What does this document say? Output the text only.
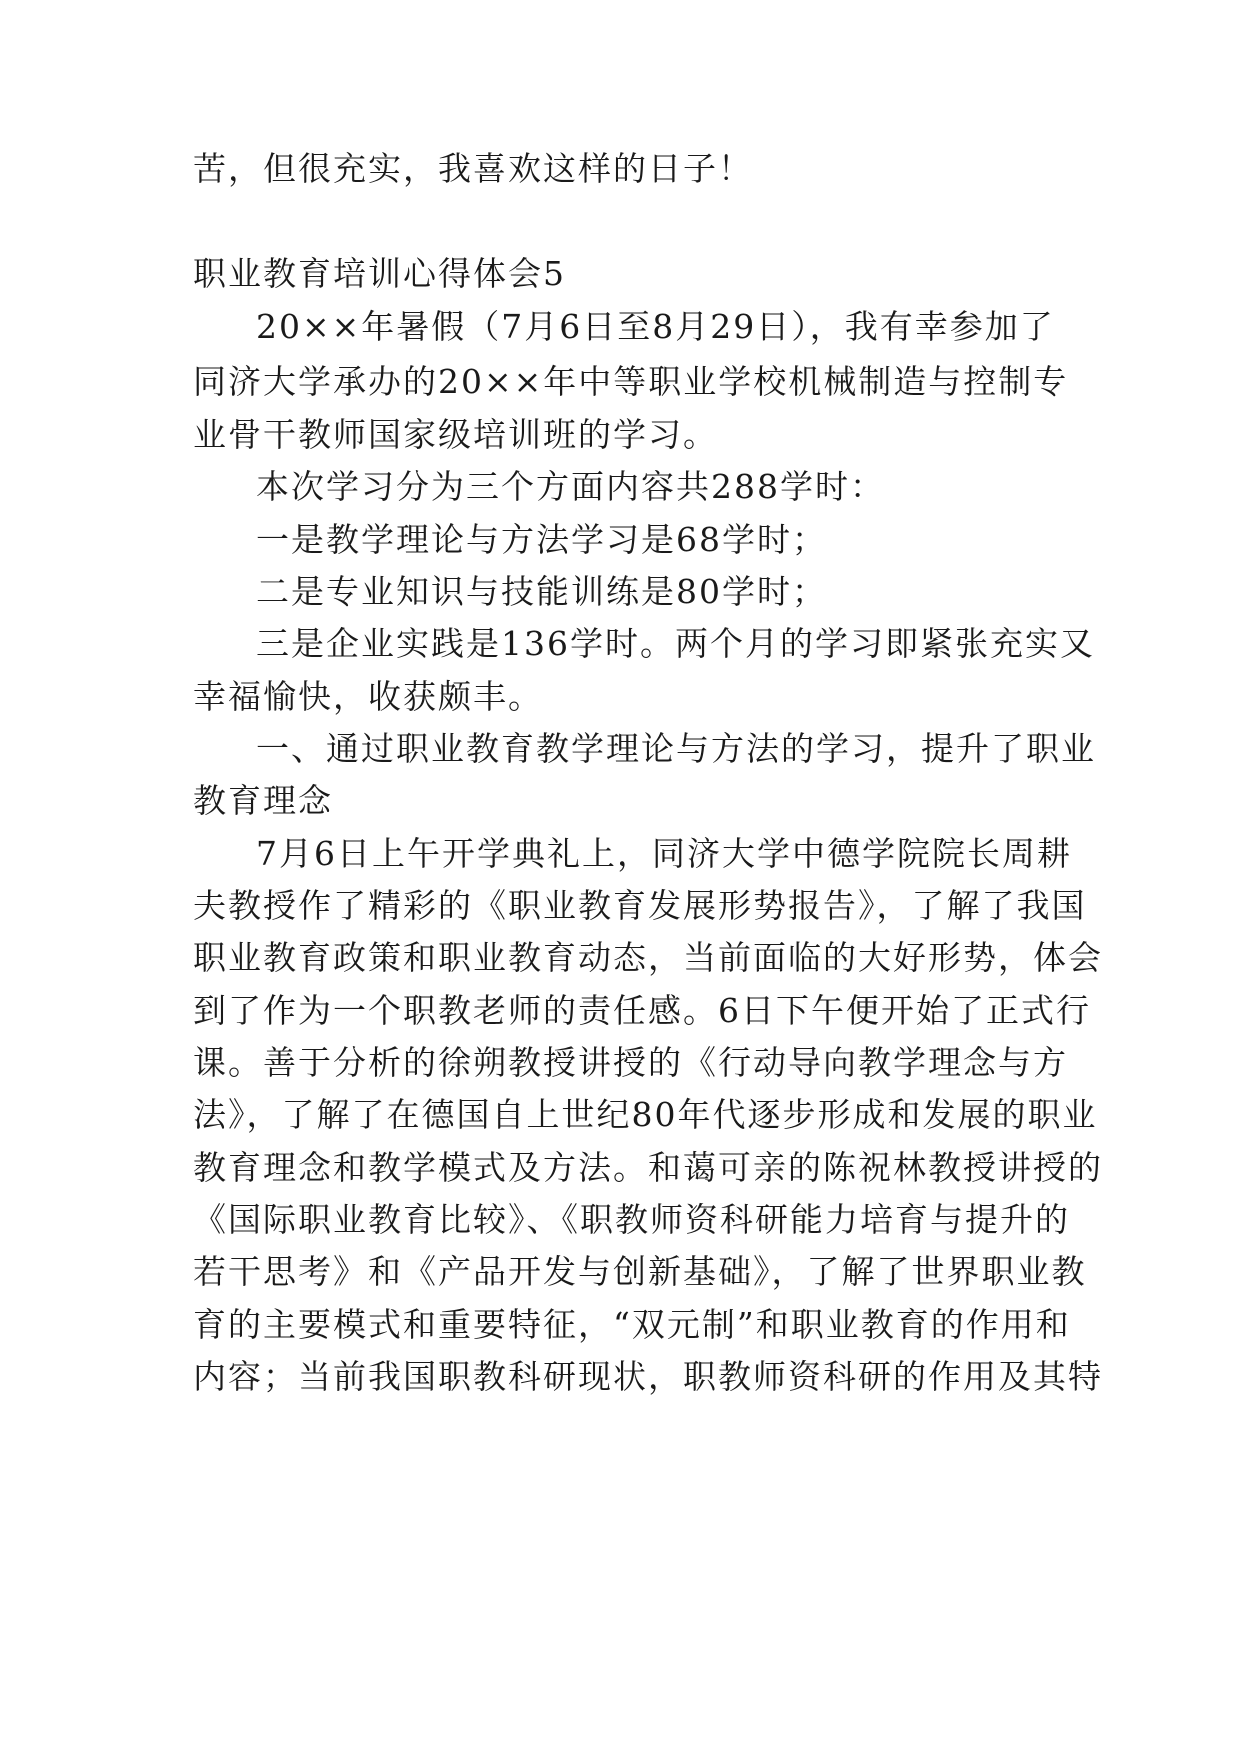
苦，但很充实，我喜欢这样的日子！
职业教育培训心得体会5
20××年暑假（7月6日至8月29日），我有幸参加了
同济大学承办的20××年中等职业学校机械制造与控制专
业骨干教师国家级培训班的学习。
本次学习分为三个方面内容共288学时：
一是教学理论与方法学习是68学时；
二是专业知识与技能训练是80学时；
三是企业实践是136学时。两个月的学习即紧张充实又
幸福愉快，收获颇丰。
一、通过职业教育教学理论与方法的学习，提升了职业
教育理念
7月6日上午开学典礼上，同济大学中德学院院长周耕
夫教授作了精彩的《职业教育发展形势报告》，了解了我国
职业教育政策和职业教育动态，当前面临的大好形势，体会
到了作为一个职教老师的责任感。6日下午便开始了正式行
课。善于分析的徐朔教授讲授的《行动导向教学理念与方
法》，了解了在德国自上世纪80年代逐步形成和发展的职业
教育理念和教学模式及方法。和蔼可亲的陈祝林教授讲授的
《国际职业教育比较》、《职教师资科研能力培育与提升的
若干思考》和《产品开发与创新基础》，了解了世界职业教
育的主要模式和重要特征，“双元制”和职业教育的作用和
内容；当前我国职教科研现状，职教师资科研的作用及其特
